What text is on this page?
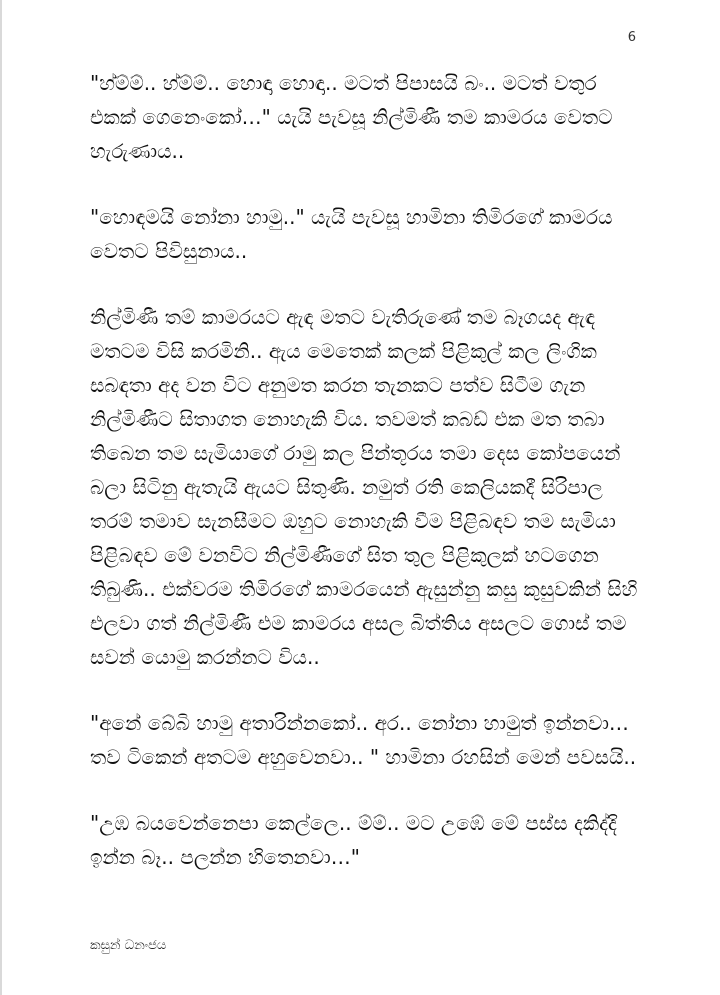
6

"හ්ම්ම්.. හ්ම්ම්.. හොඳා හොඳා.. මටත් පිපාසයි බං.. මටත් වතුර එකක් ගෙනෙංකෝ…" යැයි පැවසූ නිල්මිණී තම කාමරය වෙතට හැරුණාය..

"හොඳමයි නෝනා හාමු.." යැයි පැවසූ හාමිනා තිමිරගේ කාමරය වෙතට පිවිසුනාය..

නිල්මිණී තම් කාමරයට ඇඳ මතට වැතිරුණේ තම බෑගයද ඇඳ මතටම විසි කරමිනි.. ඇය මෙතෙක් කලක් පිළිකුල් කල ලිංගික සබඳතා අද වන විට අනුමත කරන තැනකට පත්ව සිටීම ගැන නිල්මිණීට සිතාගත නොහැකි විය. තවමත් කබඩ් එක මත තබා තිබෙන තම සැමියාගේ රාමු කල පින්තූරය තමා දෙස කෝපයෙන් බලා සිටිනු ඇතැයි ඇයට සිතුණි. නමුත් රති කෙලියකදී සිරිපාල තරම් තමාව සැනසීමට ඔහුට නොහැකි වීම පිළිබඳව තම සැමියා පිළිබඳව මේ වනවිට නිල්මිණීගේ සිත තුල පිළිකුලක් හටගෙන තිබුණි.. එක්වරම තිමිරගේ කාමරයෙන් ඇසුන්නු කසු කුසුවකින් සිහි එලවා ගත් නිල්මිණී එම කාමරය අසල බිත්තිය අසලට ගොස් තම සවන් යොමු කරන්නට විය..

"අනේ බේබි හාමු අතාරින්නකෝ.. අර.. නෝනා හාමුත් ඉන්නවා… තව ටිකෙන් අතටම අහුවෙනවා.. " හාමිනා රහසින් මෙන් පවසයි..

"උඹ බයවෙන්නෙපා කෙල්ලෙ.. ම්ම්.. මට උඹේ මේ පස්ස දකිද්දි ඉන්න බෑ.. පලන්න හිතෙනවා…"

කසුන් ධනංජය
